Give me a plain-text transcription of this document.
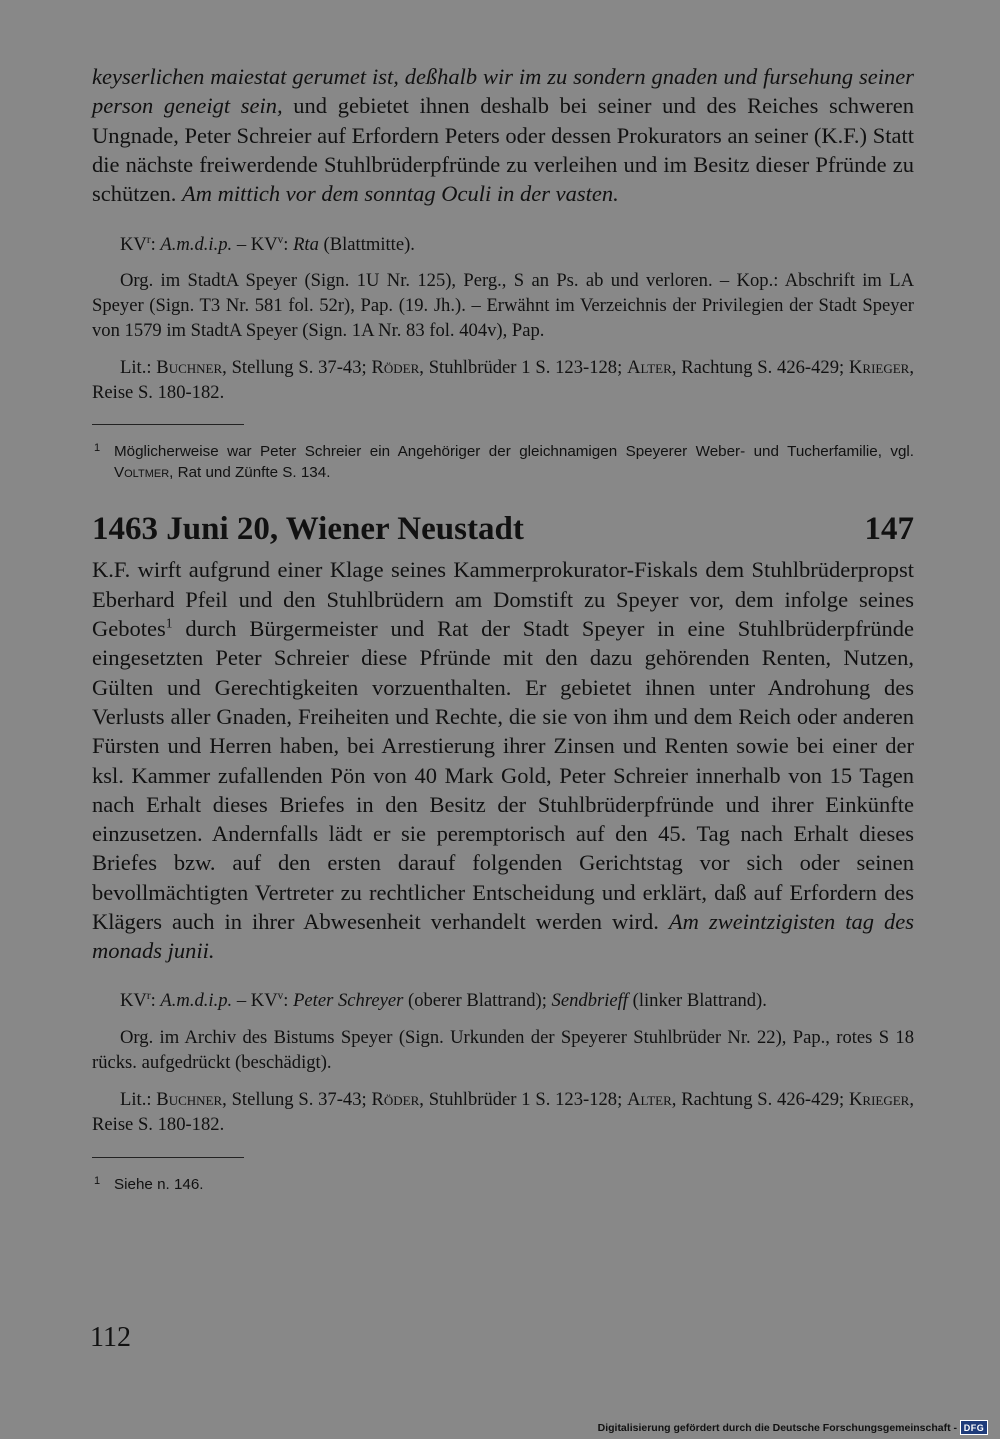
keyserlichen maiestat gerumet ist, deßhalb wir im zu sondern gnaden und fursehung seiner person geneigt sein, und gebietet ihnen deshalb bei seiner und des Reiches schweren Ungnade, Peter Schreier auf Erfordern Peters oder dessen Prokurators an seiner (K.F.) Statt die nächste freiwerdende Stuhlbrüderpfründe zu verleihen und im Besitz dieser Pfründe zu schützen. Am mittich vor dem sonntag Oculi in der vasten.

$KV^r$: A.m.d.i.p. – $KV^v$: Rta (Blattmitte).

Org. im StadtA Speyer (Sign. 1U Nr. 125), Perg., S an Ps. ab und verloren. – Kop.: Abschrift im LA Speyer (Sign. T3 Nr. 581 fol. 52r), Pap. (19. Jh.). – Erwähnt im Verzeichnis der Privilegien der Stadt Speyer von 1579 im StadtA Speyer (Sign. 1A Nr. 83 fol. 404v), Pap.

Lit.: Buchner, Stellung S. 37-43; Röder, Stuhlbrüder 1 S. 123-128; Alter, Rachtung S. 426-429; Krieger, Reise S. 180-182.

1 Möglicherweise war Peter Schreier ein Angehöriger der gleichnamigen Speyerer Weber- und Tucherfamilie, vgl. Voltmer, Rat und Zünfte S. 134.

1463 Juni 20, Wiener Neustadt	147

K.F. wirft aufgrund einer Klage seines Kammerprokurator-Fiskals dem Stuhlbrüderpropst Eberhard Pfeil und den Stuhlbrüdern am Domstift zu Speyer vor, dem infolge seines Gebotes$^1$ durch Bürgermeister und Rat der Stadt Speyer in eine Stuhlbrüderpfründe eingesetzten Peter Schreier diese Pfründe mit den dazu gehörenden Renten, Nutzen, Gülten und Gerechtigkeiten vorzuenthalten. Er gebietet ihnen unter Androhung des Verlusts aller Gnaden, Freiheiten und Rechte, die sie von ihm und dem Reich oder anderen Fürsten und Herren haben, bei Arrestierung ihrer Zinsen und Renten sowie bei einer der ksl. Kammer zufallenden Pön von 40 Mark Gold, Peter Schreier innerhalb von 15 Tagen nach Erhalt dieses Briefes in den Besitz der Stuhlbrüderpfründe und ihrer Einkünfte einzusetzen. Andernfalls lädt er sie peremptorisch auf den 45. Tag nach Erhalt dieses Briefes bzw. auf den ersten darauf folgenden Gerichtstag vor sich oder seinen bevollmächtigten Vertreter zu rechtlicher Entscheidung und erklärt, daß auf Erfordern des Klägers auch in ihrer Abwesenheit verhandelt werden wird. Am zweintzigisten tag des monads junii.

$KV^r$: A.m.d.i.p. – $KV^v$: Peter Schreyer (oberer Blattrand); Sendbrieff (linker Blattrand).

Org. im Archiv des Bistums Speyer (Sign. Urkunden der Speyerer Stuhlbrüder Nr. 22), Pap., rotes S 18 rücks. aufgedrückt (beschädigt).

Lit.: Buchner, Stellung S. 37-43; Röder, Stuhlbrüder 1 S. 123-128; Alter, Rachtung S. 426-429; Krieger, Reise S. 180-182.

1 Siehe n. 146.

112
Digitalisierung gefördert durch die Deutsche Forschungsgemeinschaft - DFG
